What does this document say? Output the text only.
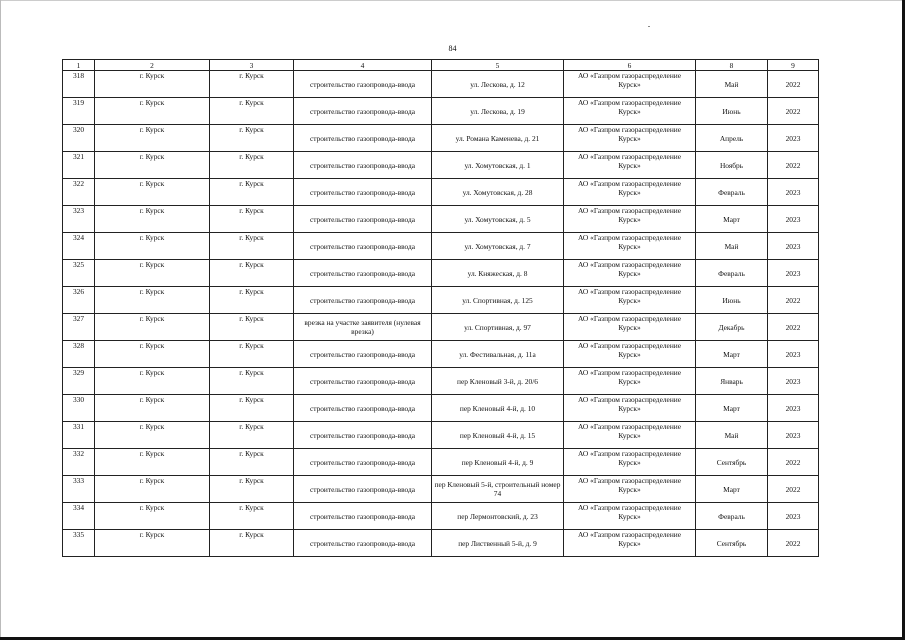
84
1	2	3	4	5	6	8	9
318	г. Курск	г. Курск	строительство газопровода-ввода	ул. Лескова, д. 12	АО «Газпром газораспределение Курск»	Май	2022
319	г. Курск	г. Курск	строительство газопровода-ввода	ул. Лескова, д. 19	АО «Газпром газораспределение Курск»	Июнь	2022
320	г. Курск	г. Курск	строительство газопровода-ввода	ул. Романа Каменева, д. 21	АО «Газпром газораспределение Курск»	Апрель	2023
321	г. Курск	г. Курск	строительство газопровода-ввода	ул. Хомутовская, д. 1	АО «Газпром газораспределение Курск»	Ноябрь	2022
322	г. Курск	г. Курск	строительство газопровода-ввода	ул. Хомутовская, д. 28	АО «Газпром газораспределение Курск»	Февраль	2023
323	г. Курск	г. Курск	строительство газопровода-ввода	ул. Хомутовская, д. 5	АО «Газпром газораспределение Курск»	Март	2023
324	г. Курск	г. Курск	строительство газопровода-ввода	ул. Хомутовская, д. 7	АО «Газпром газораспределение Курск»	Май	2023
325	г. Курск	г. Курск	строительство газопровода-ввода	ул. Княжеская, д. 8	АО «Газпром газораспределение Курск»	Февраль	2023
326	г. Курск	г. Курск	строительство газопровода-ввода	ул. Спортивная, д. 125	АО «Газпром газораспределение Курск»	Июнь	2022
327	г. Курск	г. Курск	врезка на участке заявителя (нулевая врезка)	ул. Спортивная, д. 97	АО «Газпром газораспределение Курск»	Декабрь	2022
328	г. Курск	г. Курск	строительство газопровода-ввода	ул. Фестивальная, д. 11а	АО «Газпром газораспределение Курск»	Март	2023
329	г. Курск	г. Курск	строительство газопровода-ввода	пер Кленовый 3-й, д. 20/6	АО «Газпром газораспределение Курск»	Январь	2023
330	г. Курск	г. Курск	строительство газопровода-ввода	пер Кленовый 4-й, д. 10	АО «Газпром газораспределение Курск»	Март	2023
331	г. Курск	г. Курск	строительство газопровода-ввода	пер Кленовый 4-й, д. 15	АО «Газпром газораспределение Курск»	Май	2023
332	г. Курск	г. Курск	строительство газопровода-ввода	пер Кленовый 4-й, д. 9	АО «Газпром газораспределение Курск»	Сентябрь	2022
333	г. Курск	г. Курск	строительство газопровода-ввода	пер Кленовый 5-й, строительный номер 74	АО «Газпром газораспределение Курск»	Март	2022
334	г. Курск	г. Курск	строительство газопровода-ввода	пер Лермонтовский, д. 23	АО «Газпром газораспределение Курск»	Февраль	2023
335	г. Курск	г. Курск	строительство газопровода-ввода	пер Лиственный 5-й, д. 9	АО «Газпром газораспределение Курск»	Сентябрь	2022
